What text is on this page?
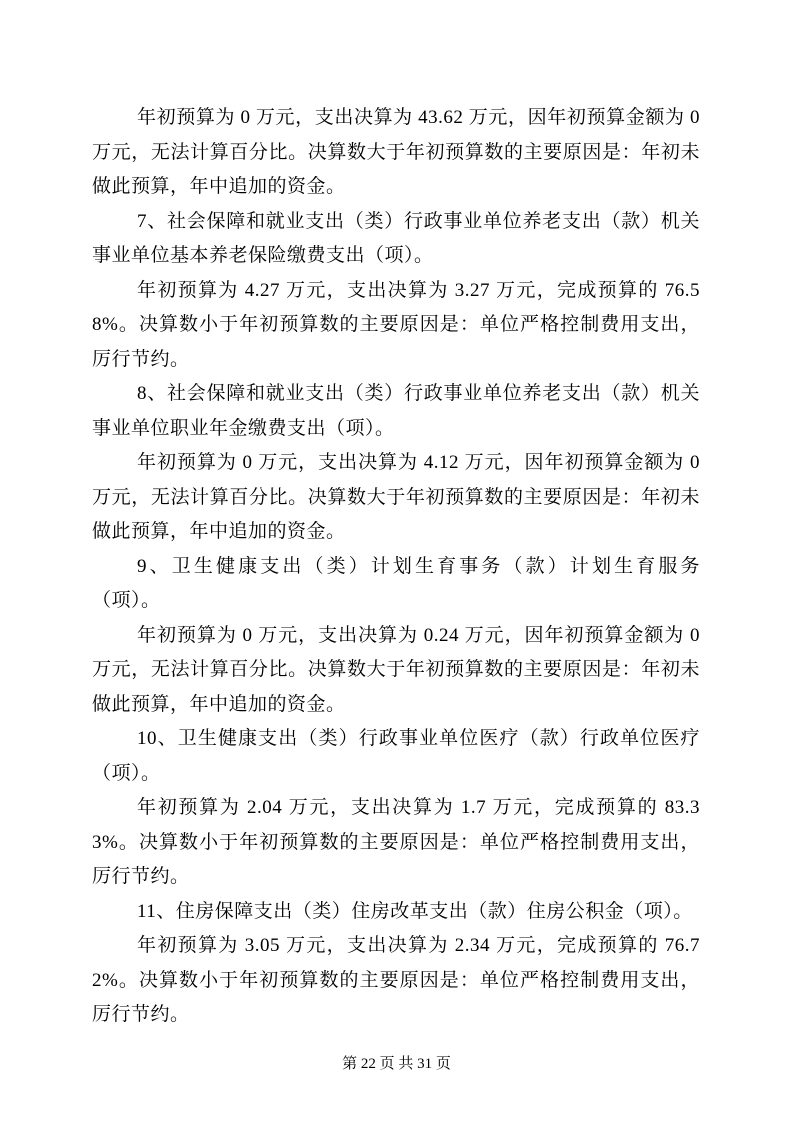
年初预算为 0 万元，支出决算为 43.62 万元，因年初预算金额为 0 万元，无法计算百分比。决算数大于年初预算数的主要原因是：年初未做此预算，年中追加的资金。

7、社会保障和就业支出（类）行政事业单位养老支出（款）机关事业单位基本养老保险缴费支出（项）。

年初预算为 4.27 万元，支出决算为 3.27 万元，完成预算的 76.58%。决算数小于年初预算数的主要原因是：单位严格控制费用支出，厉行节约。

8、社会保障和就业支出（类）行政事业单位养老支出（款）机关事业单位职业年金缴费支出（项）。

年初预算为 0 万元，支出决算为 4.12 万元，因年初预算金额为 0 万元，无法计算百分比。决算数大于年初预算数的主要原因是：年初未做此预算，年中追加的资金。

9、卫生健康支出（类）计划生育事务（款）计划生育服务（项）。

年初预算为 0 万元，支出决算为 0.24 万元，因年初预算金额为 0 万元，无法计算百分比。决算数大于年初预算数的主要原因是：年初未做此预算，年中追加的资金。

10、卫生健康支出（类）行政事业单位医疗（款）行政单位医疗（项）。

年初预算为 2.04 万元，支出决算为 1.7 万元，完成预算的 83.33%。决算数小于年初预算数的主要原因是：单位严格控制费用支出，厉行节约。

11、住房保障支出（类）住房改革支出（款）住房公积金（项）。

年初预算为 3.05 万元，支出决算为 2.34 万元，完成预算的 76.72%。决算数小于年初预算数的主要原因是：单位严格控制费用支出，厉行节约。

第 22 页 共 31 页
